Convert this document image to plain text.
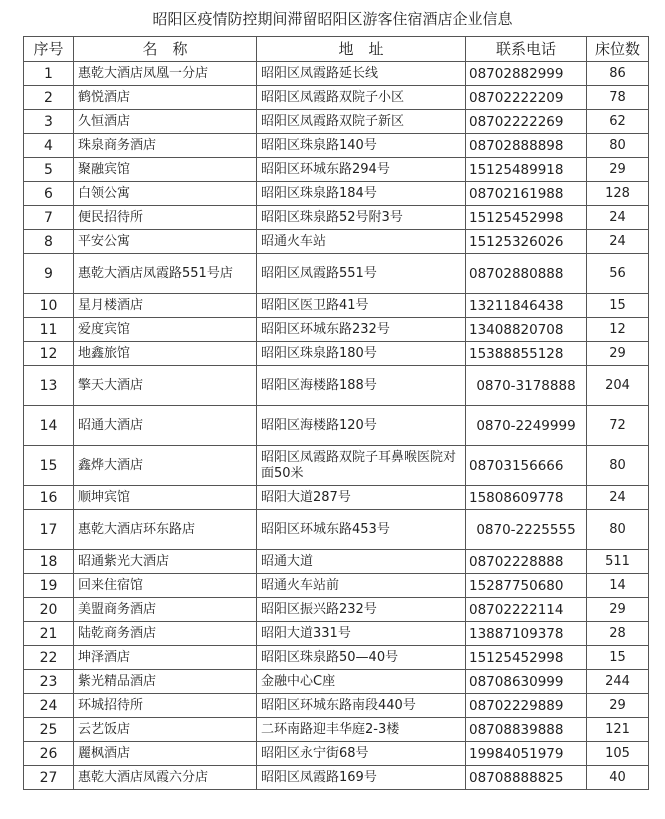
昭阳区疫情防控期间滞留昭阳区游客住宿酒店企业信息
序号	名　称	地　址	联系电话	床位数
1	惠乾大酒店凤凰一分店	昭阳区凤霞路延长线	08702882999	86
2	鹤悦酒店	昭阳区凤霞路双院子小区	08702222209	78
3	久恒酒店	昭阳区凤霞路双院子新区	08702222269	62
4	珠泉商务酒店	昭阳区珠泉路140号	08702888898	80
5	聚融宾馆	昭阳区环城东路294号	15125489918	29
6	白领公寓	昭阳区珠泉路184号	08702161988	128
7	便民招待所	昭阳区珠泉路52号附3号	15125452998	24
8	平安公寓	昭通火车站	15125326026	24
9	惠乾大酒店凤霞路551号店	昭阳区凤霞路551号	08702880888	56
10	星月楼酒店	昭阳区医卫路41号	13211846438	15
11	爱度宾馆	昭阳区环城东路232号	13408820708	12
12	地鑫旅馆	昭阳区珠泉路180号	15388855128	29
13	擎天大酒店	昭阳区海楼路188号	0870-3178888	204
14	昭通大酒店	昭阳区海楼路120号	0870-2249999	72
15	鑫烨大酒店	昭阳区凤霞路双院子耳鼻喉医院对面50米	08703156666	80
16	顺坤宾馆	昭阳大道287号	15808609778	24
17	惠乾大酒店环东路店	昭阳区环城东路453号	0870-2225555	80
18	昭通紫光大酒店	昭通大道	08702228888	511
19	回来住宿馆	昭通火车站前	15287750680	14
20	美盟商务酒店	昭阳区振兴路232号	08702222114	29
21	陆乾商务酒店	昭阳大道331号	13887109378	28
22	坤泽酒店	昭阳区珠泉路50—40号	15125452998	15
23	紫光精品酒店	金融中心C座	08708630999	244
24	环城招待所	昭阳区环城东路南段440号	08702229889	29
25	云艺饭店	二环南路迎丰华庭2-3楼	08708839888	121
26	麗枫酒店	昭阳区永宁街68号	19984051979	105
27	惠乾大酒店凤霞六分店	昭阳区凤霞路169号	08708888825	40
